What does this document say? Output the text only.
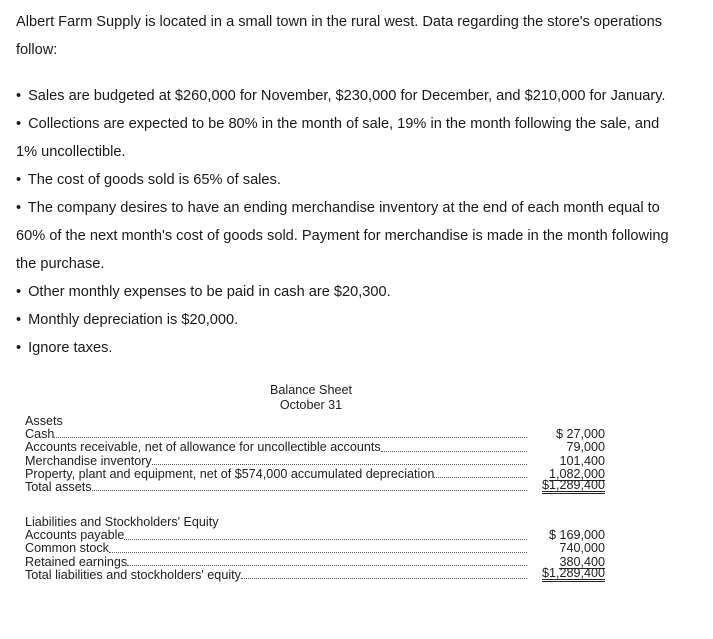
Albert Farm Supply is located in a small town in the rural west. Data regarding the store's operations
follow:

• Sales are budgeted at $260,000 for November, $230,000 for December, and $210,000 for January.
• Collections are expected to be 80% in the month of sale, 19% in the month following the sale, and
1% uncollectible.
• The cost of goods sold is 65% of sales.
• The company desires to have an ending merchandise inventory at the end of each month equal to
60% of the next month's cost of goods sold. Payment for merchandise is made in the month following
the purchase.
• Other monthly expenses to be paid in cash are $20,300.
• Monthly depreciation is $20,000.
• Ignore taxes.
Balance Sheet
October 31
Assets
Cash	$ 27,000
Accounts receivable, net of allowance for uncollectible accounts	79,000
Merchandise inventory	101,400
Property, plant and equipment, net of $574,000 accumulated depreciation	1,082,000
Total assets	$1,289,400
Liabilities and Stockholders' Equity
Accounts payable	$ 169,000
Common stock	740,000
Retained earnings	380,400
Total liabilities and stockholders' equity	$1,289,400
